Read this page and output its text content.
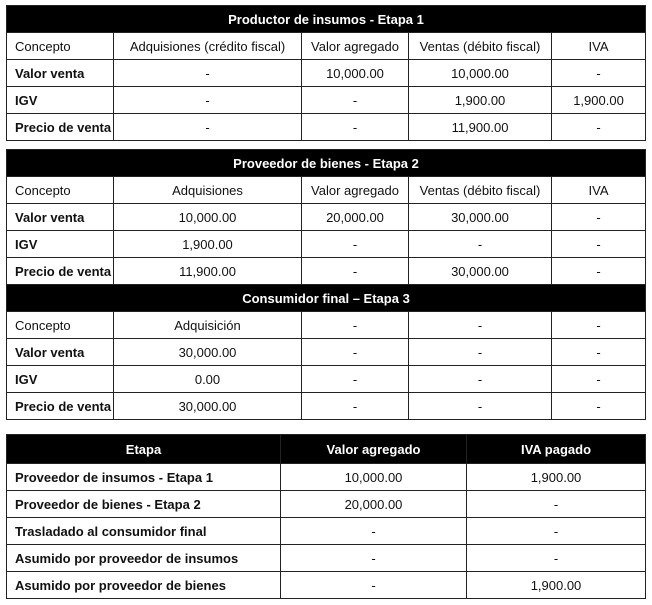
Productor de insumos - Etapa 1				
Concepto	Adquisiones (crédito fiscal)	Valor agregado	Ventas (débito fiscal)	IVA
Valor venta	-	10,000.00	10,000.00	-
IGV	-	-	1,900.00	1,900.00
Precio de venta	-	-	11,900.00	-
Proveedor de bienes - Etapa 2				
Concepto	Adquisiones	Valor agregado	Ventas (débito fiscal)	IVA
Valor venta	10,000.00	20,000.00	30,000.00	-
IGV	1,900.00	-	-	-
Precio de venta	11,900.00	-	30,000.00	-
Consumidor final – Etapa 3				
Concepto	Adquisición	-	-	-
Valor venta	30,000.00	-	-	-
IGV	0.00	-	-	-
Precio de venta	30,000.00	-	-	-
Etapa	Valor agregado	IVA pagado
Proveedor de insumos - Etapa 1	10,000.00	1,900.00
Proveedor de bienes - Etapa 2	20,000.00	-
Trasladado al consumidor final	-	-
Asumido por proveedor de insumos	-	-
Asumido por proveedor de bienes	-	1,900.00
